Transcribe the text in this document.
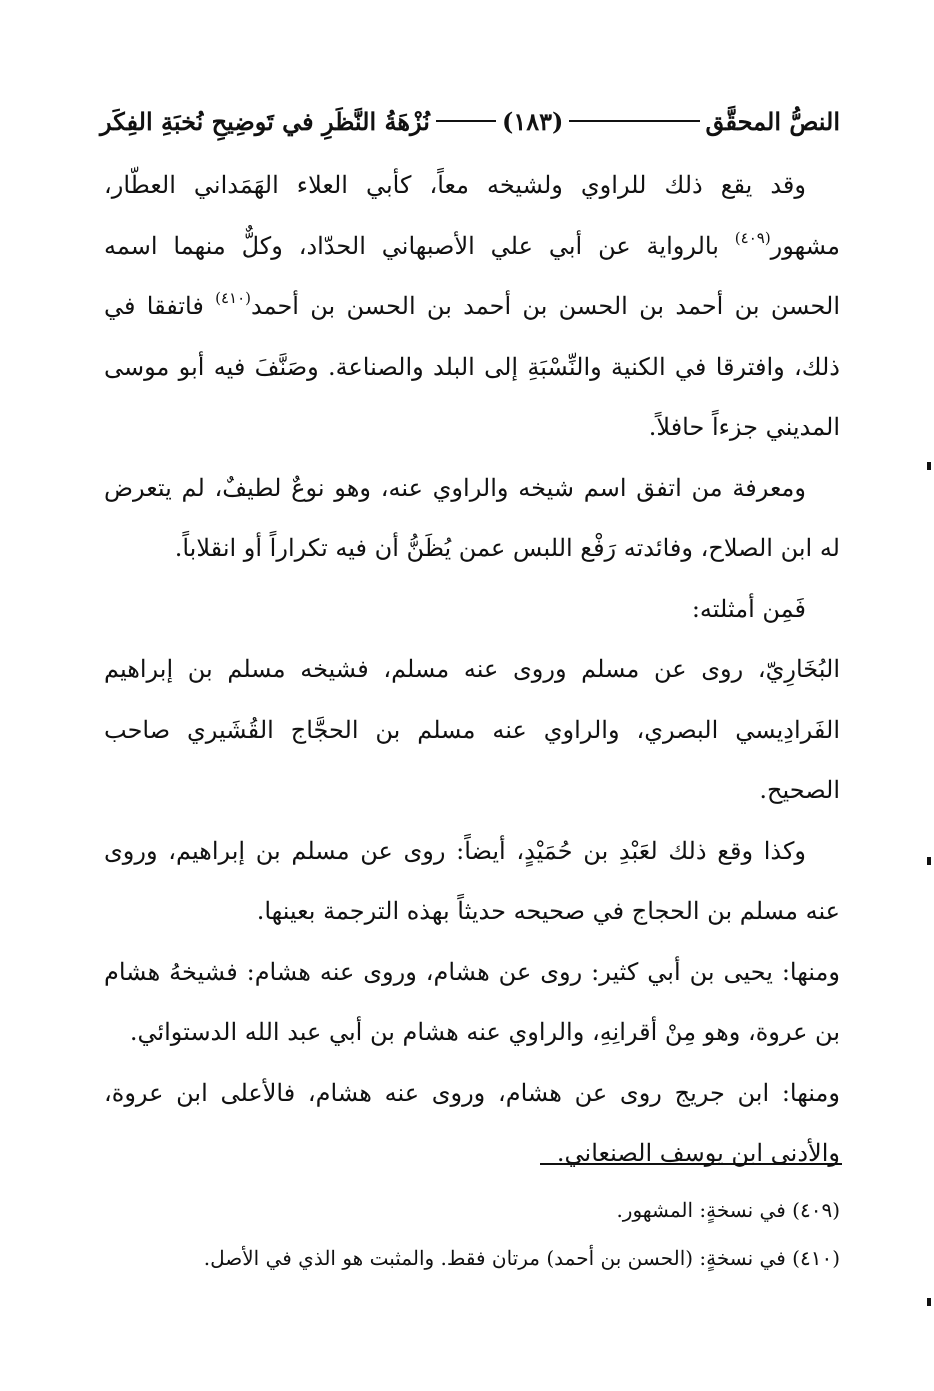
النصُّ المحقَّق
(١٨٣)
نُزْهَةُ النَّظَرِ في تَوضِيحِ نُخبَةِ الفِكَر

وقد يقع ذلك للراوي ولشيخه معاً، كأبي العلاء الهَمَداني العطّار، مشهور$^{(٤٠٩)}$ بالرواية عن أبي علي الأصبهاني الحدّاد، وكلٌّ منهما اسمه الحسن بن أحمد بن الحسن بن أحمد بن الحسن بن أحمد$^{(٤١٠)}$ فاتفقا في ذلك، وافترقا في الكنية والنِّسْبَةِ إلى البلد والصناعة. وصَنَّفَ فيه أبو موسى المديني جزءاً حافلاً.

ومعرفة من اتفق اسم شيخه والراوي عنه، وهو نوعٌ لطيفٌ، لم يتعرض له ابن الصلاح، وفائدته رَفْع اللبس عمن يُظَنُّ أن فيه تكراراً أو انقلاباً.

فَمِن أمثلته:

البُخَارِيّ، روى عن مسلم وروى عنه مسلم، فشيخه مسلم بن إبراهيم الفَرادِيسي البصري، والراوي عنه مسلم بن الحجَّاج القُشَيري صاحب الصحيح.

وكذا وقع ذلك لعَبْدِ بن حُمَيْدٍ، أيضاً: روى عن مسلم بن إبراهيم، وروى عنه مسلم بن الحجاج في صحيحه حديثاً بهذه الترجمة بعينها.

ومنها: يحيى بن أبي كثير: روى عن هشام، وروى عنه هشام: فشيخهُ هشام بن عروة، وهو مِنْ أقرانِهِ، والراوي عنه هشام بن أبي عبد الله الدستوائي.

ومنها: ابن جريج روى عن هشام، وروى عنه هشام، فالأعلى ابن عروة، والأدنى ابن يوسف الصنعاني.

(٤٠٩) في نسخةٍ: المشهور.
(٤١٠) في نسخةٍ: (الحسن بن أحمد) مرتان فقط. والمثبت هو الذي في الأصل.
